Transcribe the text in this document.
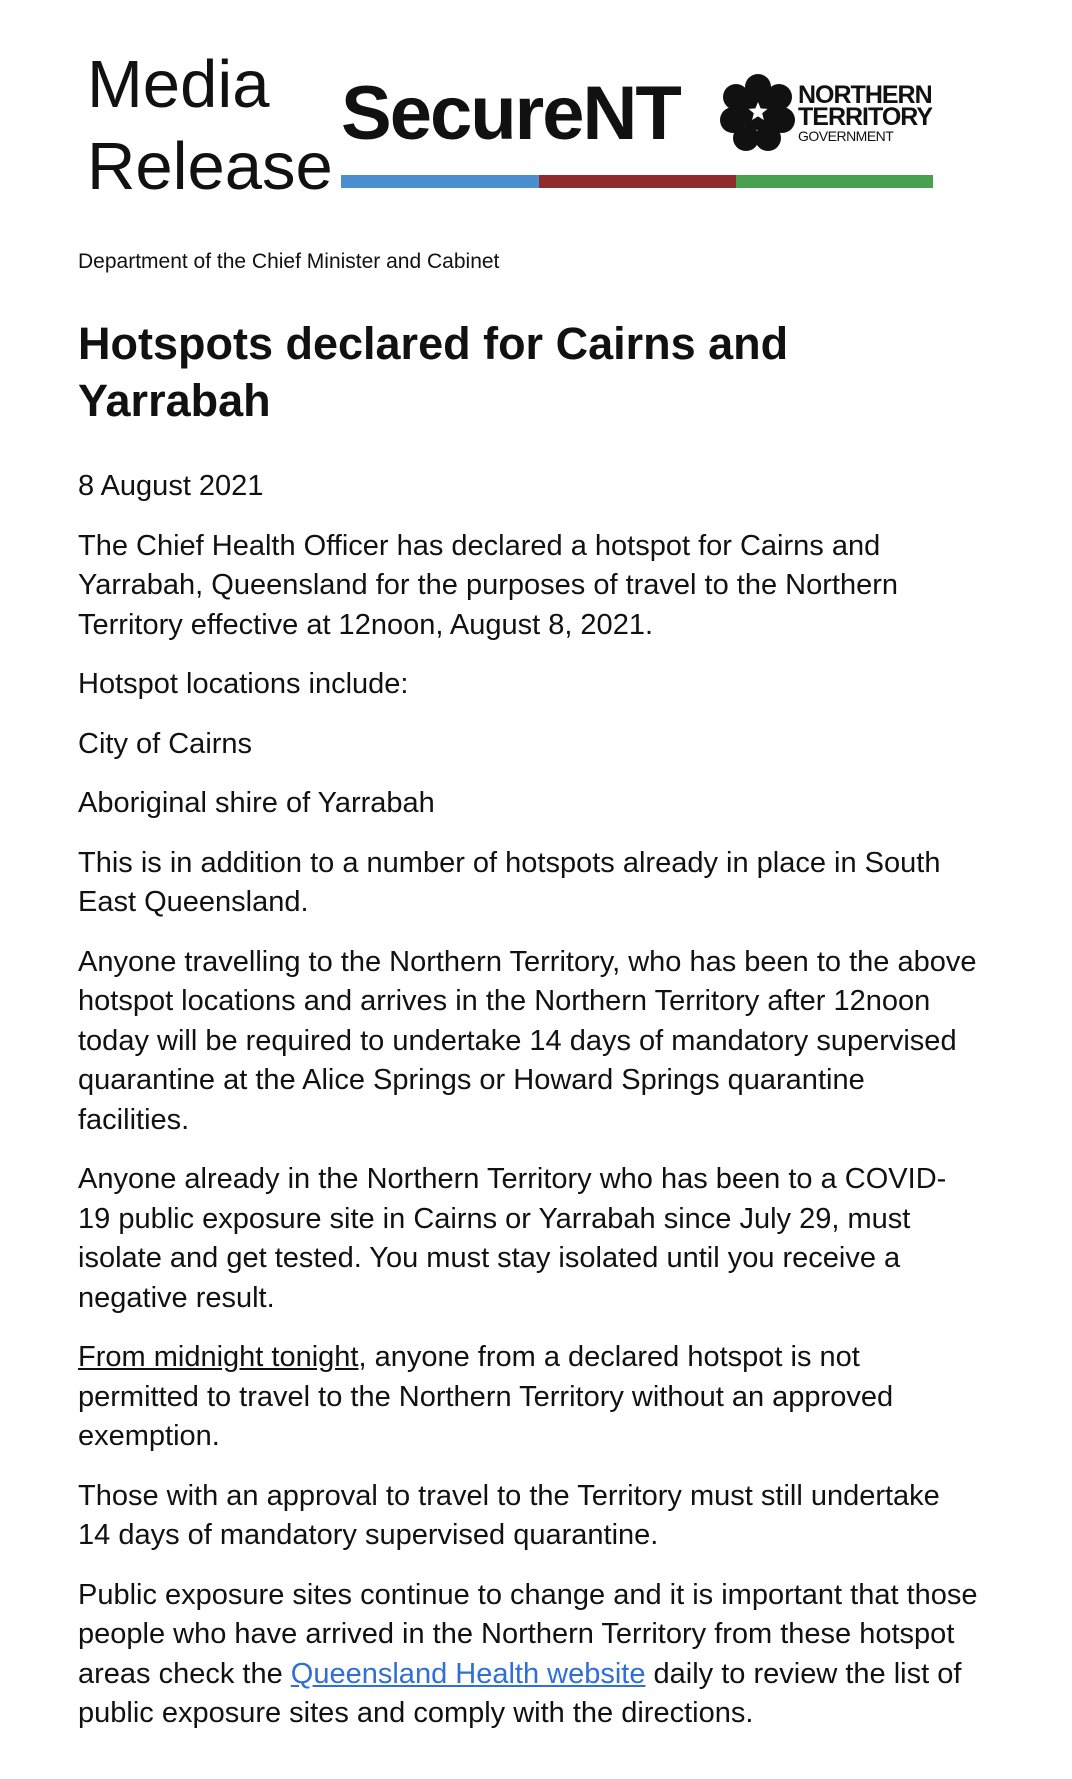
Media
Release
SecureNT	NORTHERN
TERRITORY
GOVERNMENT
Department of the Chief Minister and Cabinet
Hotspots declared for Cairns and Yarrabah

8 August 2021

The Chief Health Officer has declared a hotspot for Cairns and Yarrabah, Queensland for the purposes of travel to the Northern Territory effective at 12noon, August 8, 2021.

Hotspot locations include:

City of Cairns

Aboriginal shire of Yarrabah

This is in addition to a number of hotspots already in place in South East Queensland.

Anyone travelling to the Northern Territory, who has been to the above hotspot locations and arrives in the Northern Territory after 12noon today will be required to undertake 14 days of mandatory supervised quarantine at the Alice Springs or Howard Springs quarantine facilities.

Anyone already in the Northern Territory who has been to a COVID-19 public exposure site in Cairns or Yarrabah since July 29, must isolate and get tested. You must stay isolated until you receive a negative result.

From midnight tonight, anyone from a declared hotspot is not permitted to travel to the Northern Territory without an approved exemption.

Those with an approval to travel to the Territory must still undertake 14 days of mandatory supervised quarantine.

Public exposure sites continue to change and it is important that those people who have arrived in the Northern Territory from these hotspot areas check the Queensland Health website daily to review the list of public exposure sites and comply with the directions.
